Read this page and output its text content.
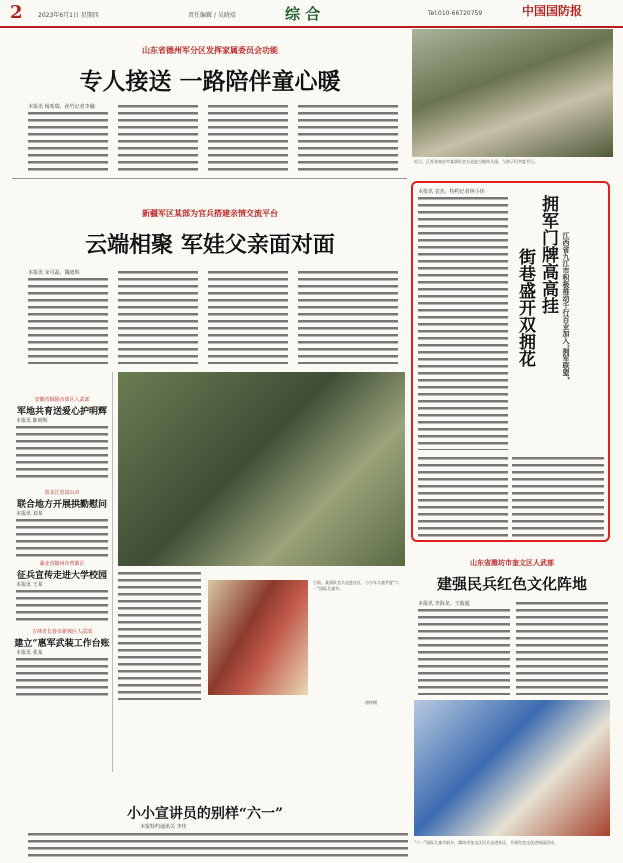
2	2023年6月1日 星期四	责任编辑 / 吴晓靖	综 合	Tel:010-66720759	中国国防报
山东省德州军分区发挥家属委员会功能
专人接送 一路陪伴童心暖
本报讯 杨希瑞、孙竹记者李融
近日，江苏省南京市某部队官兵走进当地幼儿园，与孩子们共度节日。
新疆军区某部为官兵搭建亲情交流平台
云端相聚 军娃父亲面对面
本报讯 宋可磊、魏旭辉
安徽省铜陵市郊区人武部
军地共育送爱心护明辉
本报讯 陈明辉
黑龙江省富山市
联合地方开展拱勤慰问
本报讯 刘某
湖北省随州市曾都区
征兵宣传走进大学校园
本报讯 王某
吉林省长春市新城区人武部
建立“惠军武装工作台账
本报讯 张某
日前，某部队官兵走进社区，与少年儿童共度“六一”国际儿童节。
唐梓摄
小小宣讲员的别样“六一”
本报特约通讯员 李佳
江西省九江市积极推动千行百业加入“拥军联盟”
拥军门牌高高挂
街巷盛开双拥花
本报讯 袁杰、特约记者林小伟
山东省潍坊市奎文区人武部
建强民兵红色文化阵地
本报讯 李海龙、王俊超
“六一”国际儿童节前夕，潍坊市奎文区民兵走进社区，开展红色文化进校园活动。
